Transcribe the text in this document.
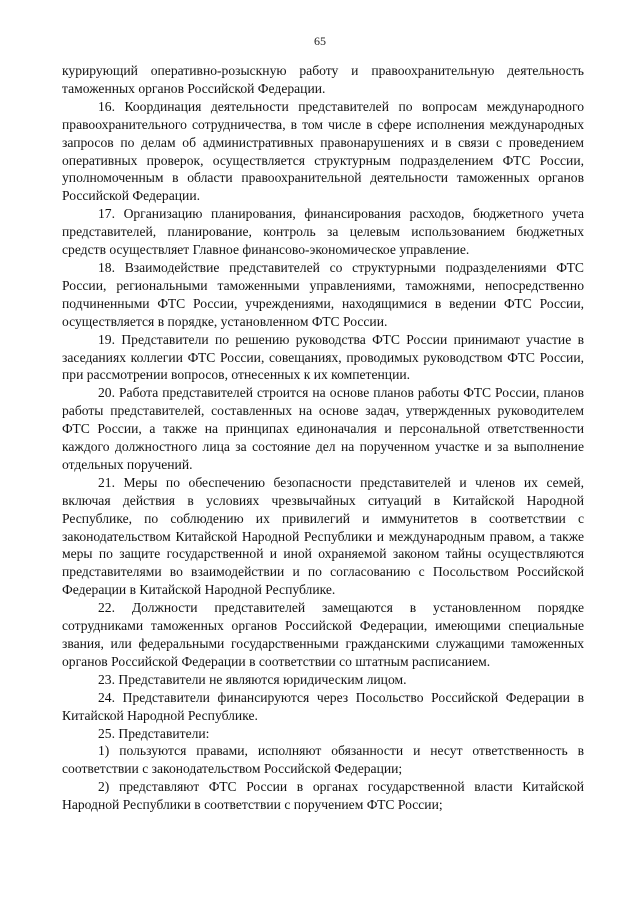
65

курирующий оперативно-розыскную работу и правоохранительную деятельность таможенных органов Российской Федерации.

16. Координация деятельности представителей по вопросам международного правоохранительного сотрудничества, в том числе в сфере исполнения международных запросов по делам об административных правонарушениях и в связи с проведением оперативных проверок, осуществляется структурным подразделением ФТС России, уполномоченным в области правоохранительной деятельности таможенных органов Российской Федерации.

17. Организацию планирования, финансирования расходов, бюджетного учета представителей, планирование, контроль за целевым использованием бюджетных средств осуществляет Главное финансово-экономическое управление.

18. Взаимодействие представителей со структурными подразделениями ФТС России, региональными таможенными управлениями, таможнями, непосредственно подчиненными ФТС России, учреждениями, находящимися в ведении ФТС России, осуществляется в порядке, установленном ФТС России.

19. Представители по решению руководства ФТС России принимают участие в заседаниях коллегии ФТС России, совещаниях, проводимых руководством ФТС России, при рассмотрении вопросов, отнесенных к их компетенции.

20. Работа представителей строится на основе планов работы ФТС России, планов работы представителей, составленных на основе задач, утвержденных руководителем ФТС России, а также на принципах единоначалия и персональной ответственности каждого должностного лица за состояние дел на порученном участке и за выполнение отдельных поручений.

21. Меры по обеспечению безопасности представителей и членов их семей, включая действия в условиях чрезвычайных ситуаций в Китайской Народной Республике, по соблюдению их привилегий и иммунитетов в соответствии с законодательством Китайской Народной Республики и международным правом, а также меры по защите государственной и иной охраняемой законом тайны осуществляются представителями во взаимодействии и по согласованию с Посольством Российской Федерации в Китайской Народной Республике.

22. Должности представителей замещаются в установленном порядке сотрудниками таможенных органов Российской Федерации, имеющими специальные звания, или федеральными государственными гражданскими служащими таможенных органов Российской Федерации в соответствии со штатным расписанием.

23. Представители не являются юридическим лицом.

24. Представители финансируются через Посольство Российской Федерации в Китайской Народной Республике.

25. Представители:

1) пользуются правами, исполняют обязанности и несут ответственность в соответствии с законодательством Российской Федерации;

2) представляют ФТС России в органах государственной власти Китайской Народной Республики в соответствии с поручением ФТС России;
